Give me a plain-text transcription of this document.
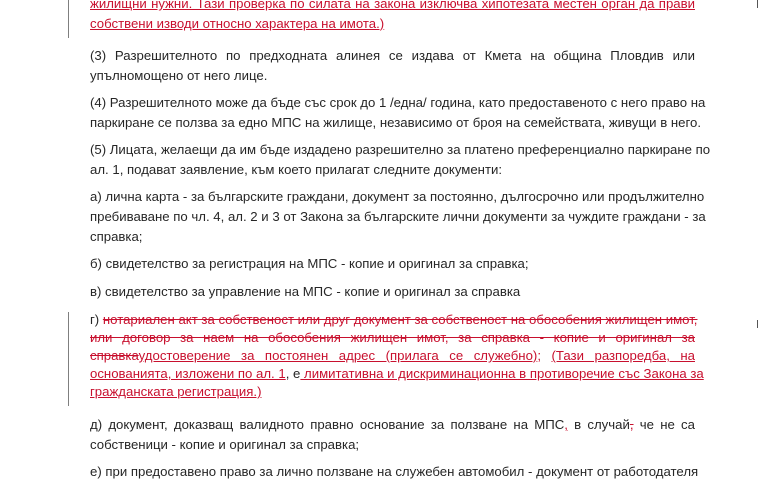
жилищни нужни. Тази проверка по силата на закона изключва хипотезата местен орган да прави
собствени изводи относно характера на имота.)
(3) Разрешителното по предходната алинея се издава от Кмета на община Пловдив или
упълномощено от него лице.
(4) Разрешителното може да бъде със срок до 1 /една/ година, като предоставеното с него право на
паркиране се ползва за едно МПС на жилище, независимо от броя на семействата, живущи в него.
(5) Лицата, желаещи да им бъде издадено разрешително за платено преференциално паркиране по
ал. 1, подават заявление, към което прилагат следните документи:
а) лична карта - за българските граждани, документ за постоянно, дългосрочно или продължително
пребиваване по чл. 4, ал. 2 и 3 от Закона за българските лични документи за чуждите граждани - за
справка;
б) свидетелство за регистрация на МПС - копие и оригинал за справка;
в) свидетелство за управление на МПС - копие и оригинал за справка
г) нотариален акт за собственост или друг документ за собственост на обособения жилищен имот,
или договор за наем на обособения жилищен имот, за справка - копие и оригинал за
справкаудостоверение за постоянен адрес (прилага се служебно); (Тази разпоредба, на
основанията, изложени по ал. 1, е лимитативна и дискриминационна в противоречие със Закона за
гражданската регистрация.)
д) документ, доказващ валидното правно основание за ползване на МПС, в случай, че не са
собственици - копие и оригинал за справка;
е) при предоставено право за лично ползване на служебен автомобил - документ от работодателя
